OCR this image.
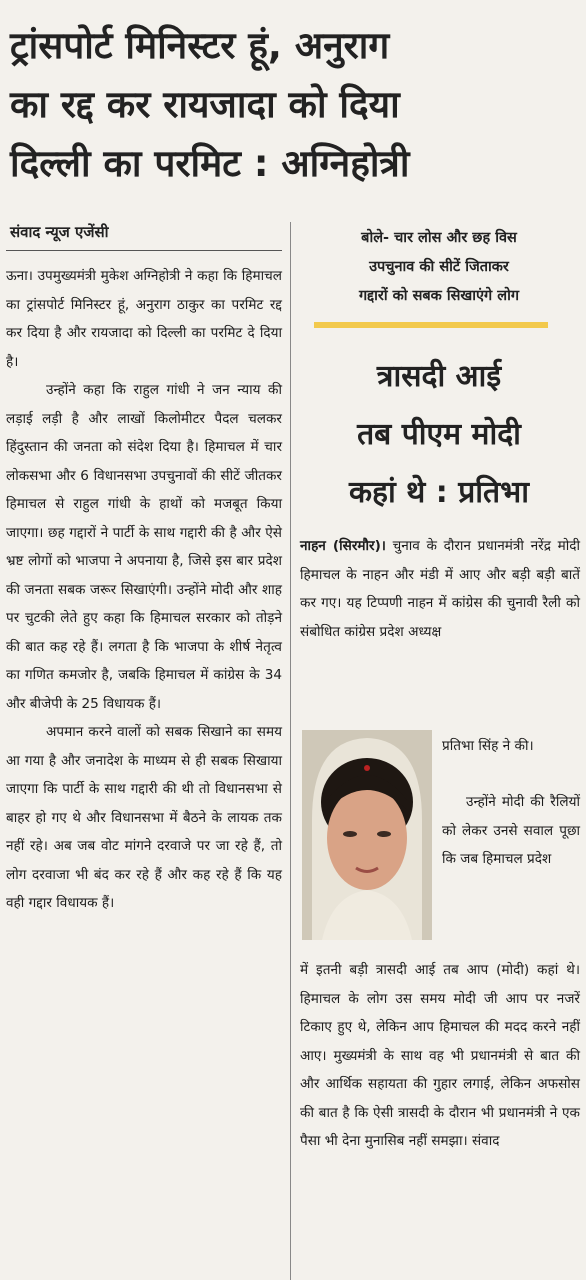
ट्रांसपोर्ट मिनिस्टर हूं, अनुराग
का रद्द कर रायजादा को दिया
दिल्ली का परमिट : अग्निहोत्री
संवाद न्यूज एजेंसी

ऊना। उपमुख्यमंत्री मुकेश अग्निहोत्री ने कहा कि हिमाचल का ट्रांसपोर्ट मिनिस्टर हूं, अनुराग ठाकुर का परमिट रद्द कर दिया है और रायजादा को दिल्ली का परमिट दे दिया है।

उन्होंने कहा कि राहुल गांधी ने जन न्याय की लड़ाई लड़ी है और लाखों किलोमीटर पैदल चलकर हिंदुस्तान की जनता को संदेश दिया है। हिमाचल में चार लोकसभा और 6 विधानसभा उपचुनावों की सीटें जीतकर हिमाचल से राहुल गांधी के हाथों को मजबूत किया जाएगा। छह गद्दारों ने पार्टी के साथ गद्दारी की है और ऐसे भ्रष्ट लोगों को भाजपा ने अपनाया है, जिसे इस बार प्रदेश की जनता सबक जरूर सिखाएंगी। उन्होंने मोदी और शाह पर चुटकी लेते हुए कहा कि हिमाचल सरकार को तोड़ने की बात कह रहे हैं। लगता है कि भाजपा के शीर्ष नेतृत्व का गणित कमजोर है, जबकि हिमाचल में कांग्रेस के 34 और बीजेपी के 25 विधायक हैं।

अपमान करने वालों को सबक सिखाने का समय आ गया है और जनादेश के माध्यम से ही सबक सिखाया जाएगा कि पार्टी के साथ गद्दारी की थी तो विधानसभा से बाहर हो गए थे और विधानसभा में बैठने के लायक तक नहीं रहे। अब जब वोट मांगने दरवाजे पर जा रहे हैं, तो लोग दरवाजा भी बंद कर रहे हैं और कह रहे हैं कि यह वही गद्दार विधायक हैं।

बोले- चार लोस और छह विस
उपचुनाव की सीटें जिताकर
गद्दारों को सबक सिखाएंगे लोग
त्रासदी आई
तब पीएम मोदी
कहां थे : प्रतिभा

नाहन (सिरमौर)। चुनाव के दौरान प्रधानमंत्री नरेंद्र मोदी हिमाचल के नाहन और मंडी में आए और बड़ी बड़ी बातें कर गए। यह टिप्पणी नाहन में कांग्रेस की चुनावी रैली को संबोधित कांग्रेस प्रदेश अध्यक्ष

प्रतिभा सिंह ने की।
उन्होंने मोदी की रैलियों को लेकर उनसे सवाल पूछा कि जब हिमाचल प्रदेश

में इतनी बड़ी त्रासदी आई तब आप (मोदी) कहां थे। हिमाचल के लोग उस समय मोदी जी आप पर नजरें टिकाए हुए थे, लेकिन आप हिमाचल की मदद करने नहीं आए। मुख्यमंत्री के साथ वह भी प्रधानमंत्री से बात की और आर्थिक सहायता की गुहार लगाई, लेकिन अफसोस की बात है कि ऐसी त्रासदी के दौरान भी प्रधानमंत्री ने एक पैसा भी देना मुनासिब नहीं समझा। संवाद
